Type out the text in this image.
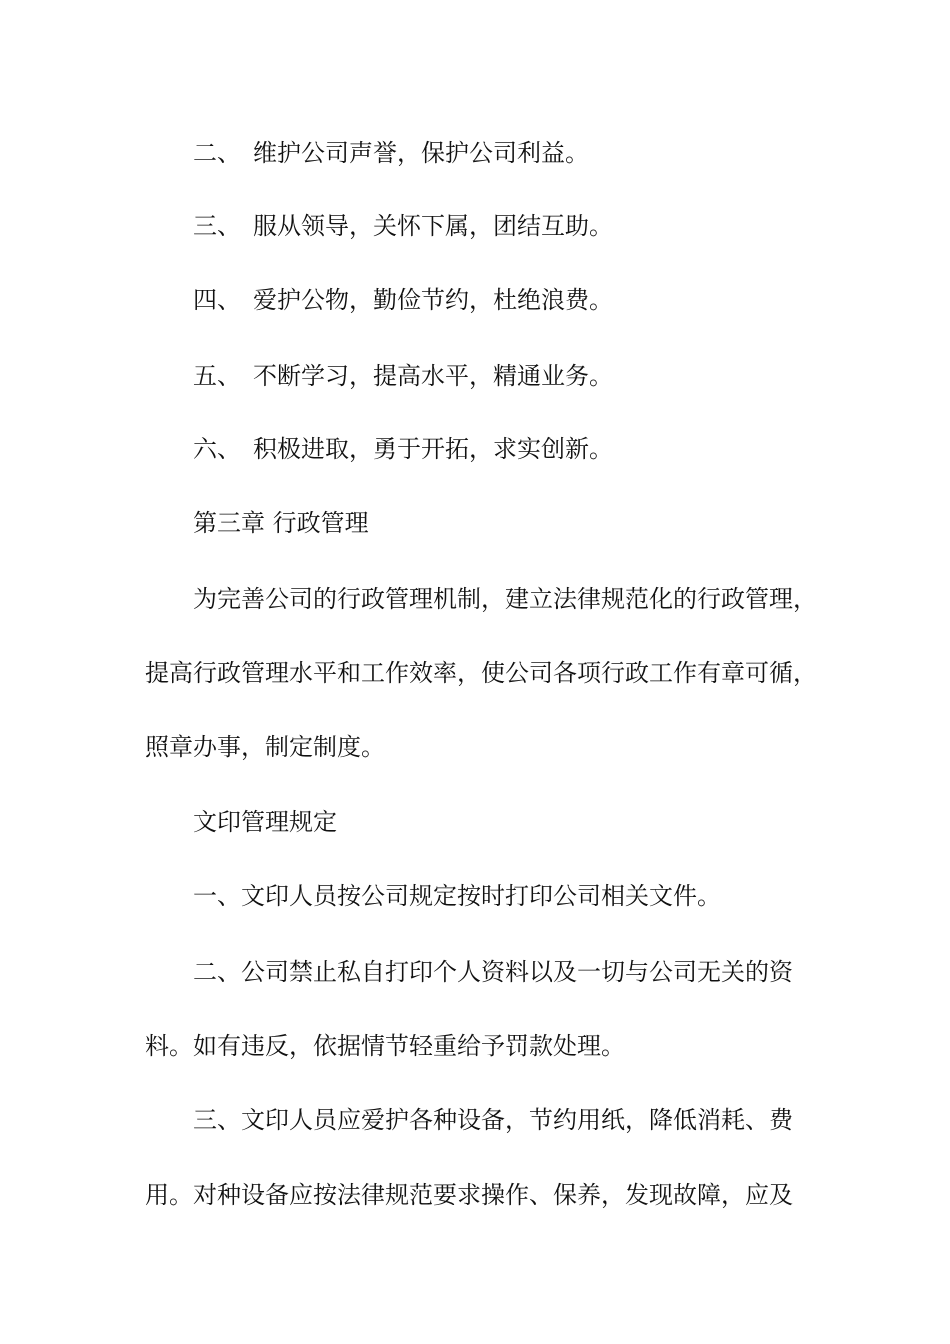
二、 维护公司声誉，保护公司利益。
三、 服从领导，关怀下属，团结互助。
四、 爱护公物，勤俭节约，杜绝浪费。
五、 不断学习，提高水平，精通业务。
六、 积极进取，勇于开拓，求实创新。
第三章 行政管理
为完善公司的行政管理机制，建立法律规范化的行政管理，
提高行政管理水平和工作效率，使公司各项行政工作有章可循，
照章办事，制定制度。
文印管理规定
一、文印人员按公司规定按时打印公司相关文件。
二、公司禁止私自打印个人资料以及一切与公司无关的资
料。如有违反，依据情节轻重给予罚款处理。
三、文印人员应爱护各种设备，节约用纸，降低消耗、费
用。对种设备应按法律规范要求操作、保养，发现故障，应及
